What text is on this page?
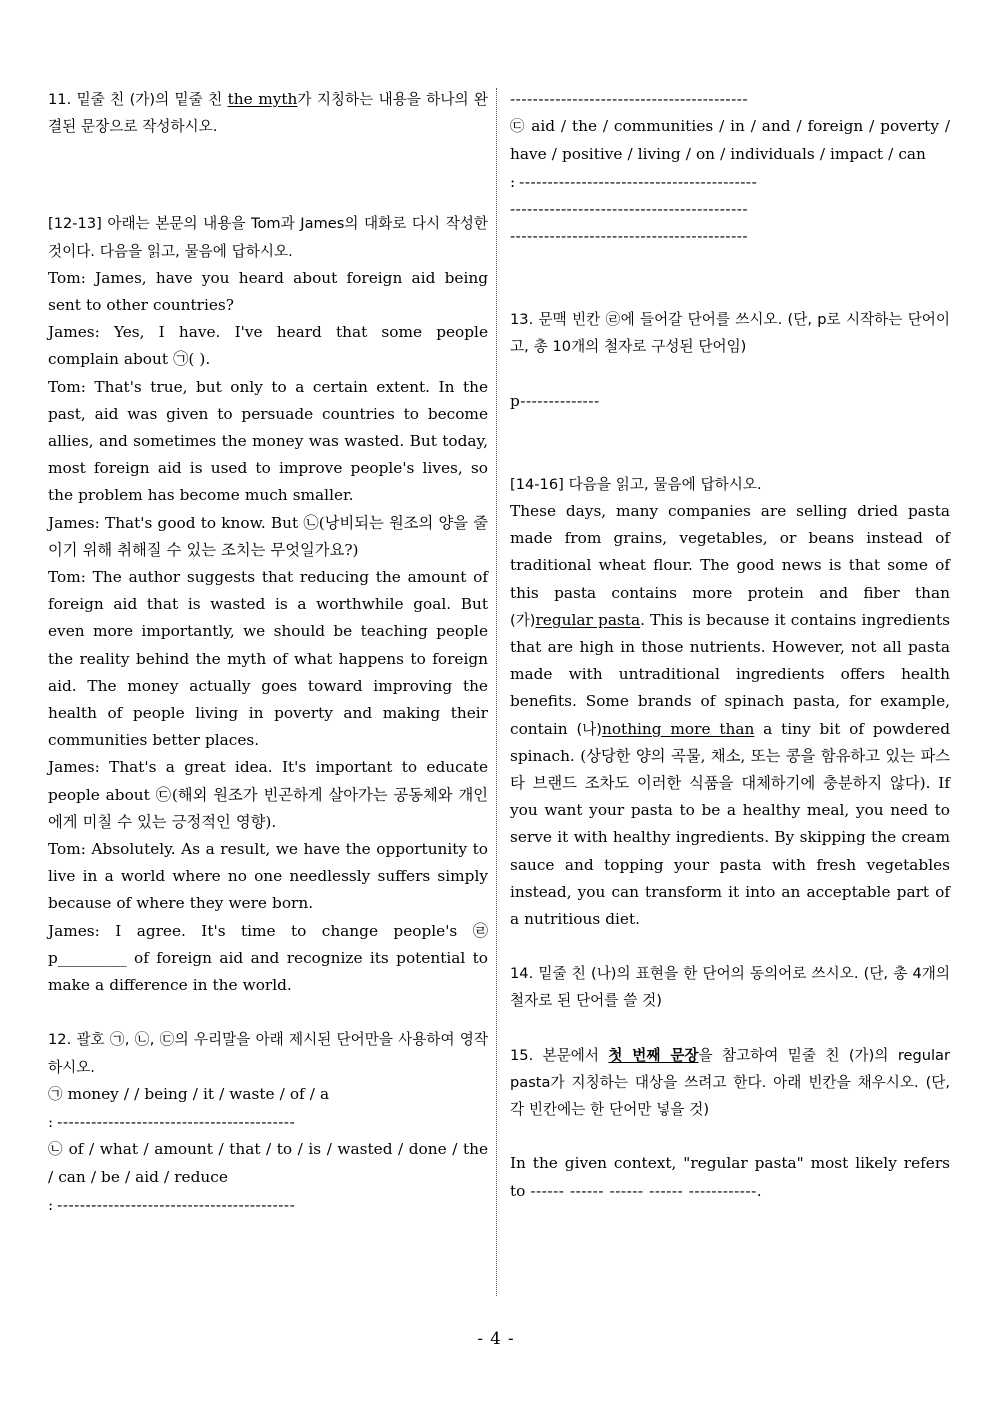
11. 밑줄 친 (가)의 밑줄 친 the myth가 지칭하는 내용을 하나의 완결된 문장으로 작성하시오.

[12-13] 아래는 본문의 내용을 Tom과 James의 대화로 다시 작성한 것이다. 다음을 읽고, 물음에 답하시오.

Tom: James, have you heard about foreign aid being sent to other countries?

James: Yes, I have. I've heard that some people complain about ㉠( ).

Tom: That's true, but only to a certain extent. In the past, aid was given to persuade countries to become allies, and sometimes the money was wasted. But today, most foreign aid is used to improve people's lives, so the problem has become much smaller.

James: That's good to know. But ㉡(낭비되는 원조의 양을 줄이기 위해 취해질 수 있는 조치는 무엇일가요?)

Tom: The author suggests that reducing the amount of foreign aid that is wasted is a worthwhile goal. But even more importantly, we should be teaching people the reality behind the myth of what happens to foreign aid. The money actually goes toward improving the health of people living in poverty and making their communities better places.

James: That's a great idea. It's important to educate people about ㉢(해외 원조가 빈곤하게 살아가는 공동체와 개인에게 미칠 수 있는 긍정적인 영향).

Tom: Absolutely. As a result, we have the opportunity to live in a world where no one needlessly suffers simply because of where they were born.

James: I agree. It's time to change people's ㉣ p_________ of foreign aid and recognize its potential to make a difference in the world.

12. 괄호 ㉠, ㉡, ㉢의 우리말을 아래 제시된 단어만을 사용하여 영작하시오.

㉠ money / / being / it / waste / of / a

: ------------------------------------------

㉡ of / what / amount / that / to / is / wasted / done / the / can / be / aid / reduce

: ------------------------------------------
------------------------------------------

㉢ aid / the / communities / in / and / foreign / poverty / have / positive / living / on / individuals / impact / can

: ------------------------------------------
------------------------------------------
------------------------------------------

13. 문맥 빈칸 ㉣에 들어갈 단어를 쓰시오. (단, p로 시작하는 단어이고, 총 10개의 철자로 구성된 단어임)

p--------------

[14-16] 다음을 읽고, 물음에 답하시오.

These days, many companies are selling dried pasta made from grains, vegetables, or beans instead of traditional wheat flour. The good news is that some of this pasta contains more protein and fiber than (가)regular pasta. This is because it contains ingredients that are high in those nutrients. However, not all pasta made with untraditional ingredients offers health benefits. Some brands of spinach pasta, for example, contain (나)nothing more than a tiny bit of powdered spinach. (상당한 양의 곡물, 채소, 또는 콩을 함유하고 있는 파스타 브랜드 조차도 이러한 식품을 대체하기에 충분하지 않다). If you want your pasta to be a healthy meal, you need to serve it with healthy ingredients. By skipping the cream sauce and topping your pasta with fresh vegetables instead, you can transform it into an acceptable part of a nutritious diet.

14. 밑줄 친 (나)의 표현을 한 단어의 동의어로 쓰시오. (단, 총 4개의 철자로 된 단어를 쓸 것)

15. 본문에서 첫 번째 문장을 참고하여 밑줄 친 (가)의 regular pasta가 지칭하는 대상을 쓰려고 한다. 아래 빈칸을 채우시오. (단, 각 빈칸에는 한 단어만 넣을 것)

In the given context, "regular pasta" most likely refers to ------ ------ ------ ------ ------------.

- 4 -
